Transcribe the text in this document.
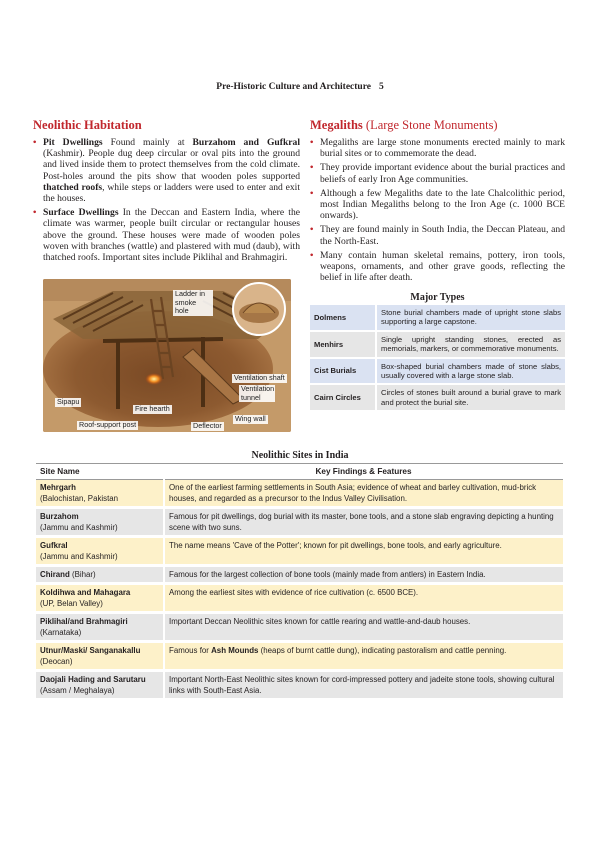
Pre-Historic Culture and Architecture 5
Neolithic Habitation
• Pit Dwellings Found mainly at Burzahom and Gufkral (Kashmir). People dug deep circular or oval pits into the ground and lived inside them to protect themselves from the cold climate. Post-holes around the pits show that wooden poles supported thatched roofs, while steps or ladders were used to enter and exit the houses.
• Surface Dwellings In the Deccan and Eastern India, where the climate was warmer, people built circular or rectangular houses above the ground. These houses were made of wooden poles woven with branches (wattle) and plastered with mud (daub), with thatched roofs. Important sites include Piklihal and Brahmagiri.
Ladder in smoke hole
Ventilation shaft
Ventilation tunnel
Sipapu
Fire hearth
Wing wall
Roof-support post	Deflector
Megaliths (Large Stone Monuments)
• Megaliths are large stone monuments erected mainly to mark burial sites or to commemorate the dead.
• They provide important evidence about the burial practices and beliefs of early Iron Age communities.
• Although a few Megaliths date to the late Chalcolithic period, most Indian Megaliths belong to the Iron Age (c. 1000 BCE onwards).
• They are found mainly in South India, the Deccan Plateau, and the North-East.
• Many contain human skeletal remains, pottery, iron tools, weapons, ornaments, and other grave goods, reflecting the belief in life after death.
Major Types
Dolmens	Stone burial chambers made of upright stone slabs supporting a large capstone.
Menhirs	Single upright standing stones, erected as memorials, markers, or commemorative monuments.
Cist Burials	Box-shaped burial chambers made of stone slabs, usually covered with a large stone slab.
Cairn Circles	Circles of stones built around a burial grave to mark and protect the burial site.
Neolithic Sites in India
Site Name	Key Findings & Features
Mehrgarh
(Balochistan, Pakistan	One of the earliest farming settlements in South Asia; evidence of wheat and barley cultivation, mud-brick houses, and regarded as a precursor to the Indus Valley Civilisation.
Burzahom
(Jammu and Kashmir)	Famous for pit dwellings, dog burial with its master, bone tools, and a stone slab engraving depicting a hunting scene with two suns.
Gufkral
(Jammu and Kashmir)	The name means 'Cave of the Potter'; known for pit dwellings, bone tools, and early agriculture.
Chirand (Bihar)	Famous for the largest collection of bone tools (mainly made from antlers) in Eastern India.
Koldihwa and Mahagara
(UP, Belan Valley)	Among the earliest sites with evidence of rice cultivation (c. 6500 BCE).
Piklihal/and Brahmagiri
(Karnataka)	Important Deccan Neolithic sites known for cattle rearing and wattle-and-daub houses.
Utnur/Maski/ Sanganakallu
(Deocan)	Famous for Ash Mounds (heaps of burnt cattle dung), indicating pastoralism and cattle penning.
Daojali Hading and Sarutaru
(Assam / Meghalaya)	Important North-East Neolithic sites known for cord-impressed pottery and jadeite stone tools, showing cultural links with South-East Asia.
